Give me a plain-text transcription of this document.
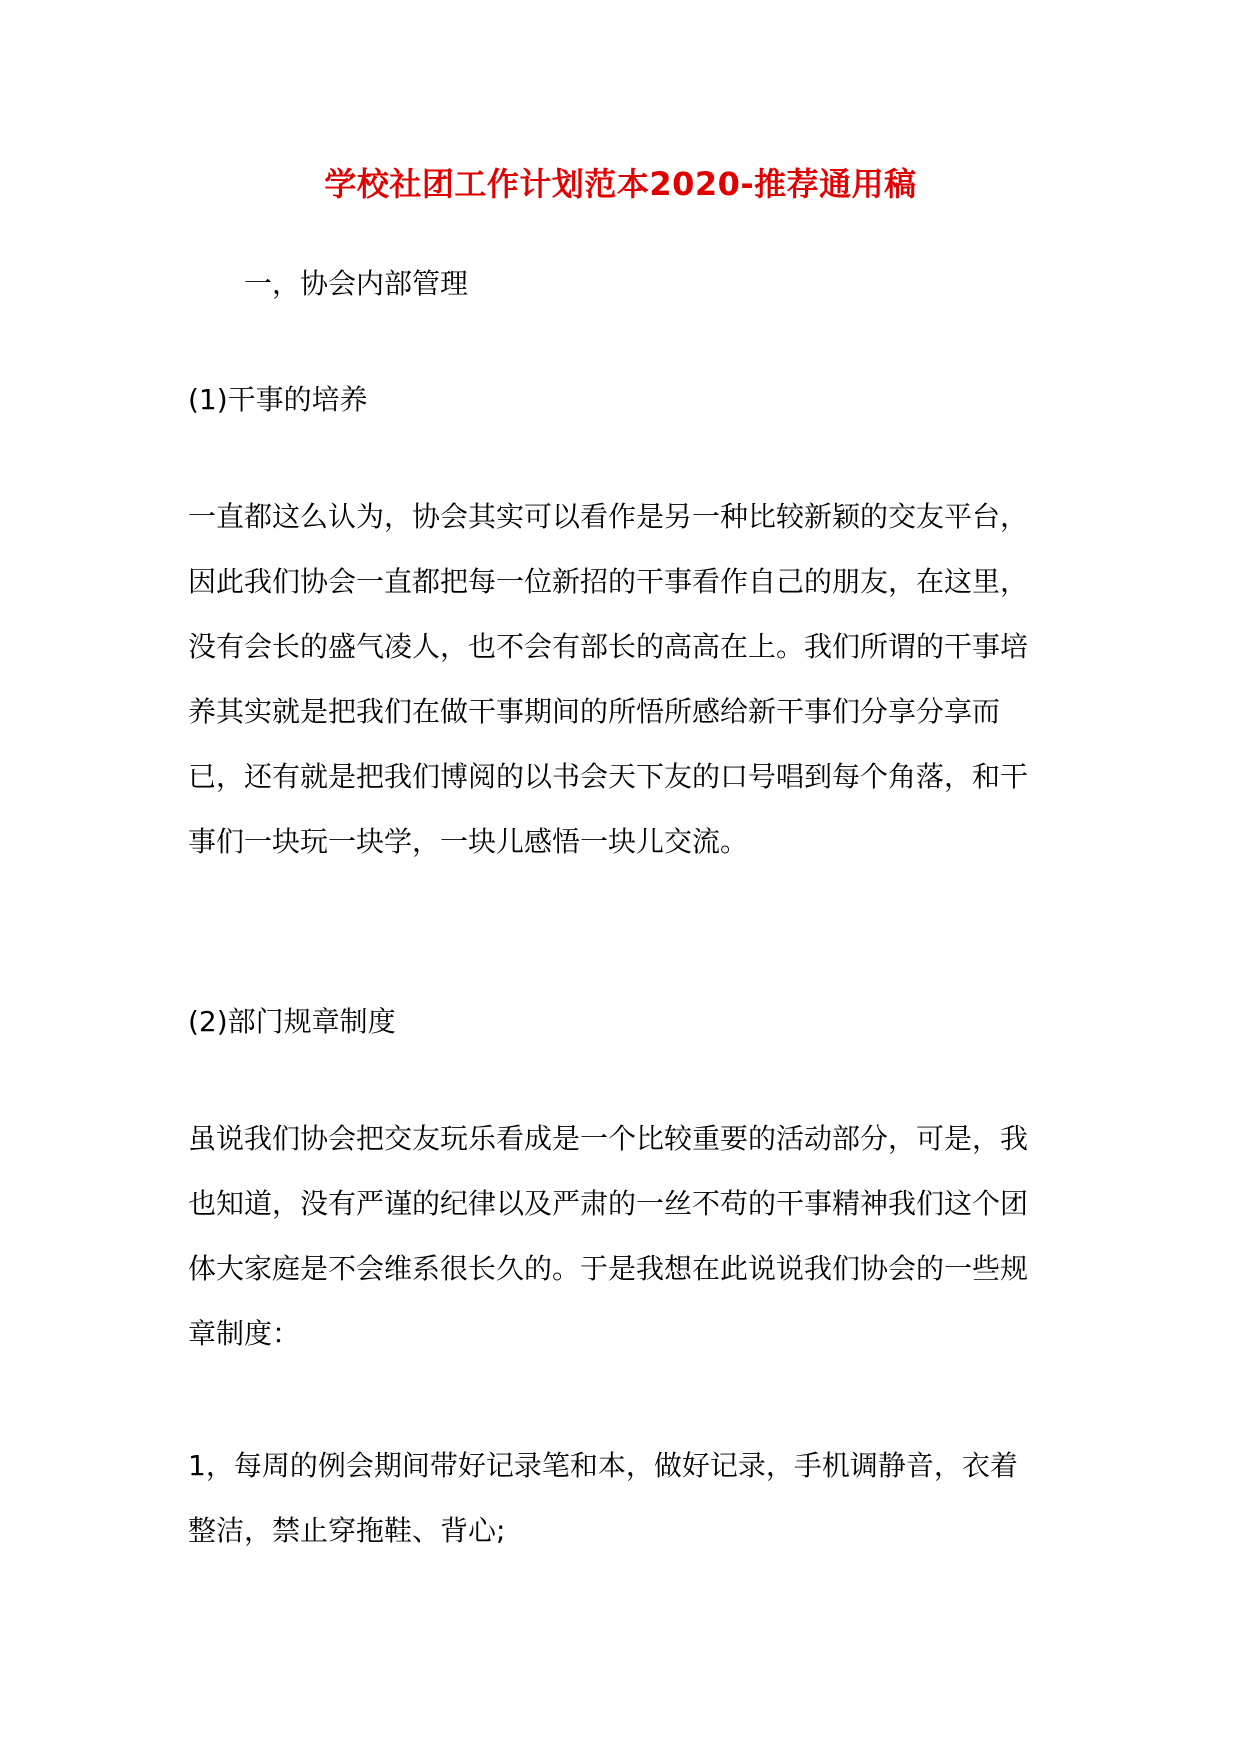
学校社团工作计划范本2020-推荐通用稿
一，协会内部管理
(1)干事的培养
一直都这么认为，协会其实可以看作是另一种比较新颖的交友平台，
因此我们协会一直都把每一位新招的干事看作自己的朋友，在这里，
没有会长的盛气凌人，也不会有部长的高高在上。我们所谓的干事培
养其实就是把我们在做干事期间的所悟所感给新干事们分享分享而
已，还有就是把我们博阅的以书会天下友的口号唱到每个角落，和干
事们一块玩一块学，一块儿感悟一块儿交流。
(2)部门规章制度
虽说我们协会把交友玩乐看成是一个比较重要的活动部分，可是，我
也知道，没有严谨的纪律以及严肃的一丝不苟的干事精神我们这个团
体大家庭是不会维系很长久的。于是我想在此说说我们协会的一些规
章制度：
1，每周的例会期间带好记录笔和本，做好记录，手机调静音，衣着
整洁，禁止穿拖鞋、背心;
